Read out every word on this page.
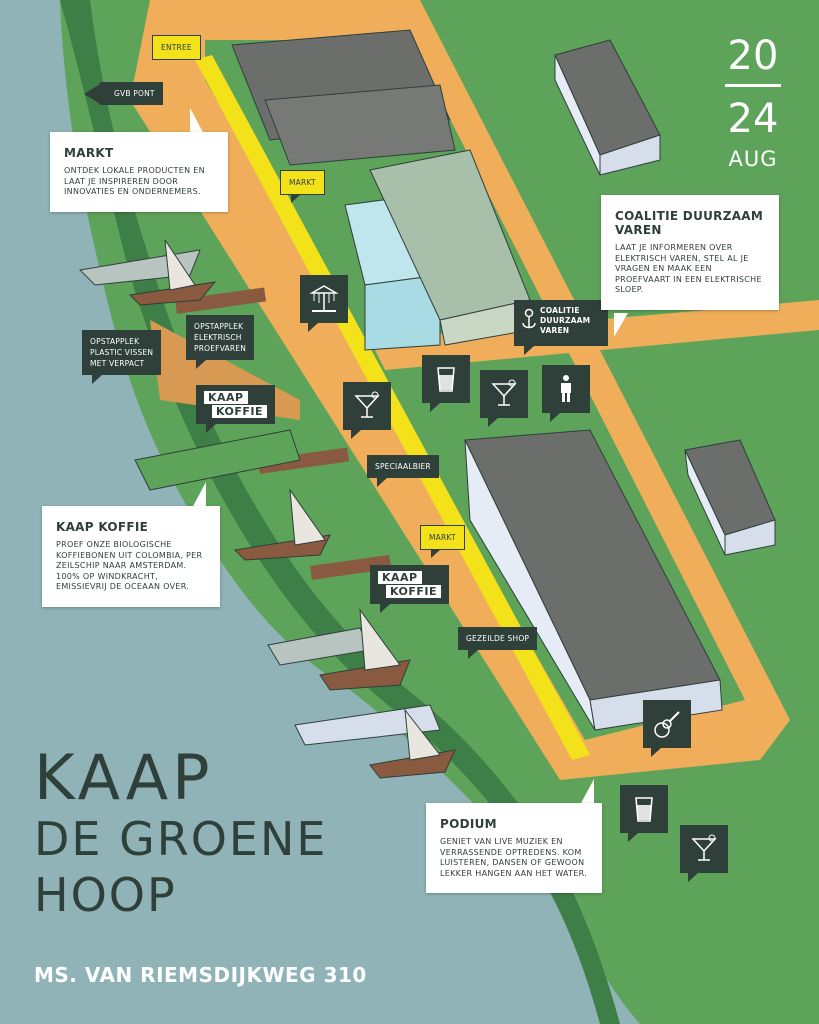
20
24
AUG
ENTREE
GVB PONT
MARKT
MARKT
OPSTAPPLEK
ELEKTRISCH
PROEFVAREN
OPSTAPPLEK
PLASTIC VISSEN
MET VERPACT
SPECIAALBIER
GEZEILDE SHOP
COALITIE
DUURZAAM
VAREN
KAAP
KOFFIE
KAAP
KOFFIE
MARKT

ONTDEK LOKALE PRODUCTEN EN LAAT JE INSPIREREN DOOR INNOVATIES EN ONDERNEMERS.

COALITIE DUURZAAM VAREN

LAAT JE INFORMEREN OVER ELEKTRISCH VAREN, STEL AL JE VRAGEN EN MAAK EEN PROEFVAART IN EEN ELEKTRISCHE SLOEP.

KAAP KOFFIE

PROEF ONZE BIOLOGISCHE KOFFIEBONEN UIT COLOMBIA, PER ZEILSCHIP NAAR AMSTERDAM. 100% OP WINDKRACHT, EMISSIEVRIJ DE OCEAAN OVER.

PODIUM

GENIET VAN LIVE MUZIEK EN VERRASSENDE OPTREDENS. KOM LUISTEREN, DANSEN OF GEWOON LEKKER HANGEN AAN HET WATER.

KAAP
DE GROENE
HOOP
MS. VAN RIEMSDIJKWEG 310
